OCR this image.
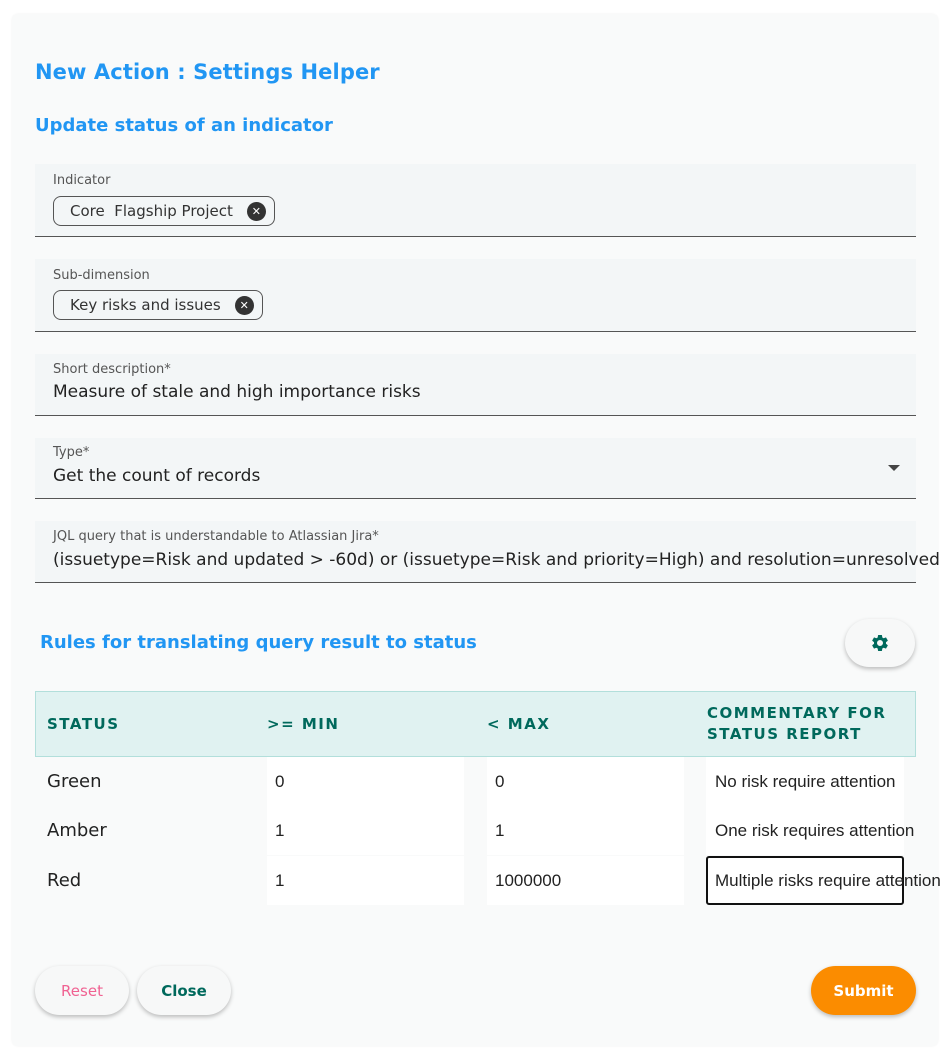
New Action : Settings Helper
Update status of an indicator
Indicator
Core  Flagship Project	✕
Sub-dimension
Key risks and issues	✕
Short description*
Measure of stale and high importance risks
Type*
Get the count of records
JQL query that is understandable to Atlassian Jira*
(issuetype=Risk and updated > -60d) or (issuetype=Risk and priority=High) and resolution=unresolved
Rules for translating query result to status
STATUS	>= MIN	< MAX
COMMENTARY FOR STATUS REPORT
Green	0	0	No risk require attention
Amber	1	1	One risk requires attention
Red	1	1000000	Multiple risks require attention
Reset	Close	Submit
